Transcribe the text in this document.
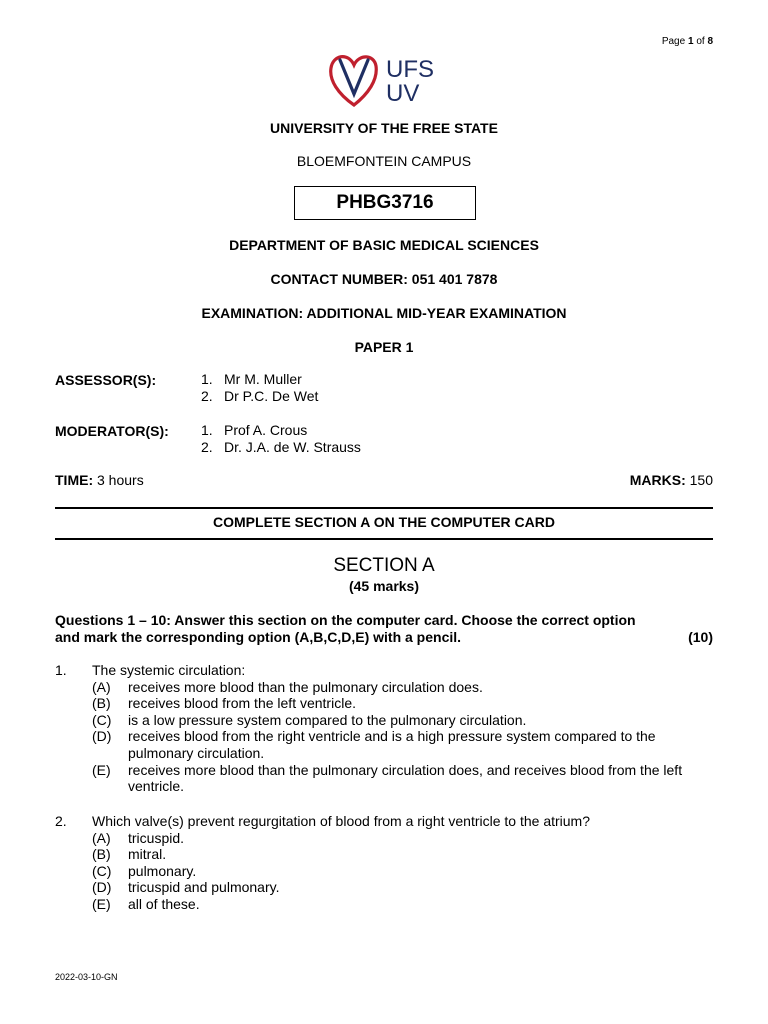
Page 1 of 8
UFS
UV
UNIVERSITY OF THE FREE STATE
BLOEMFONTEIN CAMPUS
PHBG3716
DEPARTMENT OF BASIC MEDICAL SCIENCES
CONTACT NUMBER: 051 401 7878
EXAMINATION: ADDITIONAL MID-YEAR EXAMINATION
PAPER 1
ASSESSOR(S):	1. Mr M. Muller
2. Dr P.C. De Wet
MODERATOR(S): 1. Prof A. Crous
2. Dr. J.A. de W. Strauss
TIME: 3 hours	MARKS: 150
COMPLETE SECTION A ON THE COMPUTER CARD
SECTION A
(45 marks)
Questions 1 – 10: Answer this section on the computer card. Choose the correct option
and mark the corresponding option (A,B,C,D,E) with a pencil.	(10)
1.	The systemic circulation:
(A)	receives more blood than the pulmonary circulation does.
(B)	receives blood from the left ventricle.
(C)	is a low pressure system compared to the pulmonary circulation.
(D)	receives blood from the right ventricle and is a high pressure system compared to the pulmonary circulation.
(E)	receives more blood than the pulmonary circulation does, and receives blood from the left ventricle.
2.	Which valve(s) prevent regurgitation of blood from a right ventricle to the atrium?
(A)	tricuspid.
(B)	mitral.
(C)	pulmonary.
(D)	tricuspid and pulmonary.
(E)	all of these.
2022-03-10-GN
